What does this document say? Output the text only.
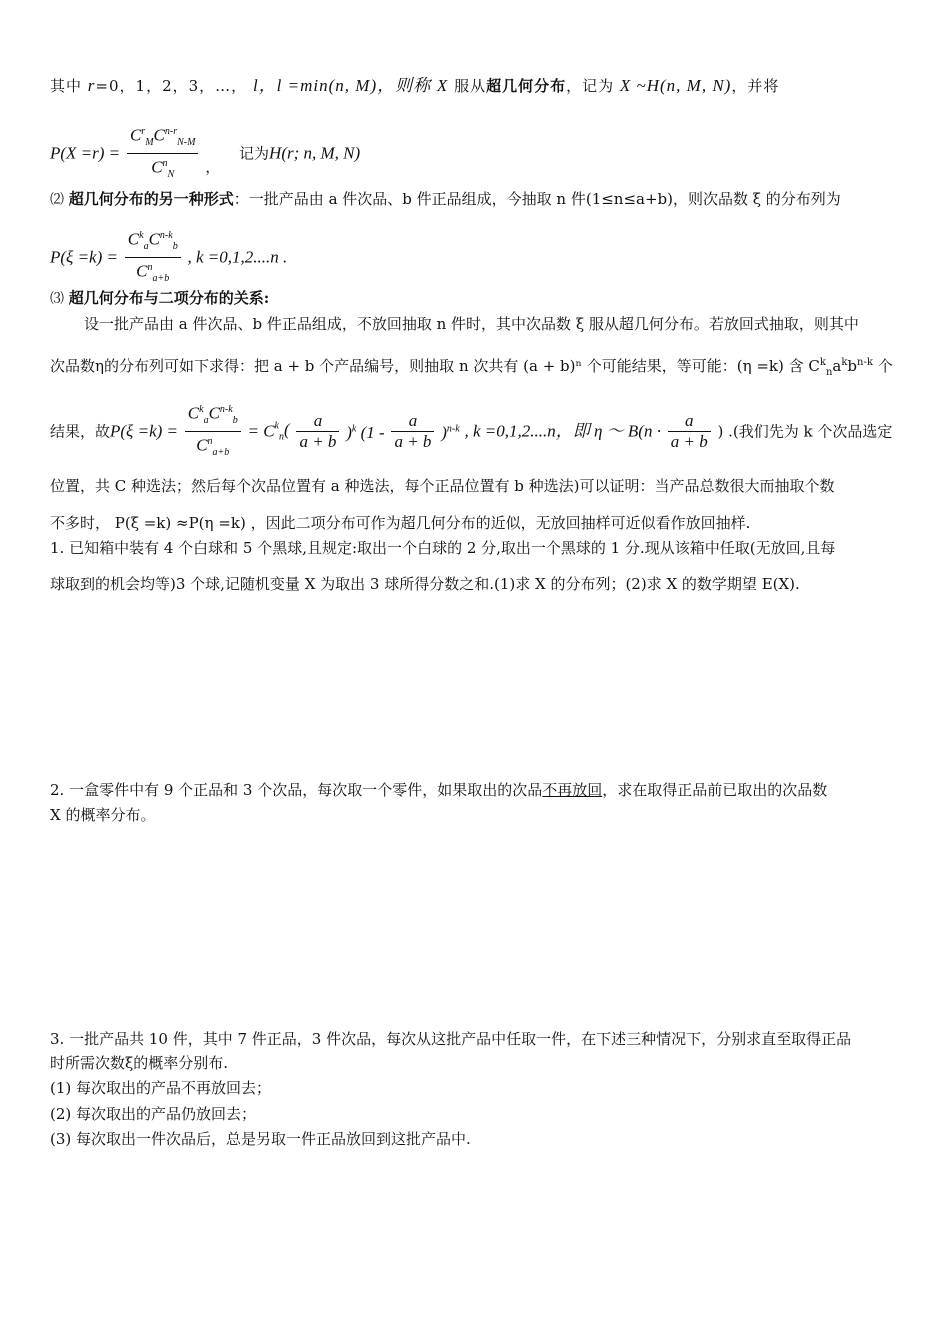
其中 r=0，1，2，3，…， l，l =min(n, M)，则称 X 服从超几何分布，记为 X ~H(n, M, N)，并将
$P(X =r) = \frac{C^r_MC^{n-r}_{N-M}}{C^n_N}$ ， 记为H(r; n, M, N)
⑵ 超几何分布的另一种形式：一批产品由 a 件次品、b 件正品组成，今抽取 n 件(1≤n≤a+b)，则次品数 ξ 的分布列为
$P(\xi =k) = \frac{C^k_aC^{n-k}_b}{C^n_{a+b}}$ , k =0,1,2....n .
⑶ 超几何分布与二项分布的关系:
设一批产品由 a 件次品、b 件正品组成，不放回抽取 n 件时，其中次品数 ξ 服从超几何分布。若放回式抽取，则其中
次品数η的分布列可如下求得：把 a + b 个产品编号，则抽取 n 次共有 (a + b)ⁿ 个可能结果，等可能：(η =k) 含 $C^k_na^kb^{n-k}$ 个
结果，故$P(\xi =k) = \frac{C^k_aC^{n-k}_b}{C^n_{a+b}} = C^k_n( \frac{a}{a + b} )^k$ $(1 - \frac{a}{a + b} )^{n-k}$ , k =0,1,2....n，即 η ～ $B(n \cdot \frac{a}{a + b}$ ) .(我们先为 k 个次品选定
位置，共 C 种选法；然后每个次品位置有 a 种选法，每个正品位置有 b 种选法)可以证明：当产品总数很大而抽取个数
不多时， P(ξ =k) ≈P(η =k) ，因此二项分布可作为超几何分布的近似，无放回抽样可近似看作放回抽样.
1. 已知箱中装有 4 个白球和 5 个黑球,且规定:取出一个白球的 2 分,取出一个黑球的 1 分.现从该箱中任取(无放回,且每
球取到的机会均等)3 个球,记随机变量 X 为取出 3 球所得分数之和.(1)求 X 的分布列；(2)求 X 的数学期望 E(X).
2. 一盒零件中有 9 个正品和 3 个次品，每次取一个零件，如果取出的次品不再放回，求在取得正品前已取出的次品数
X 的概率分布。
3. 一批产品共 10 件，其中 7 件正品，3 件次品，每次从这批产品中任取一件，在下述三种情况下，分别求直至取得正品
时所需次数ξ的概率分别布.
(1) 每次取出的产品不再放回去；
(2) 每次取出的产品仍放回去；
(3) 每次取出一件次品后，总是另取一件正品放回到这批产品中.
